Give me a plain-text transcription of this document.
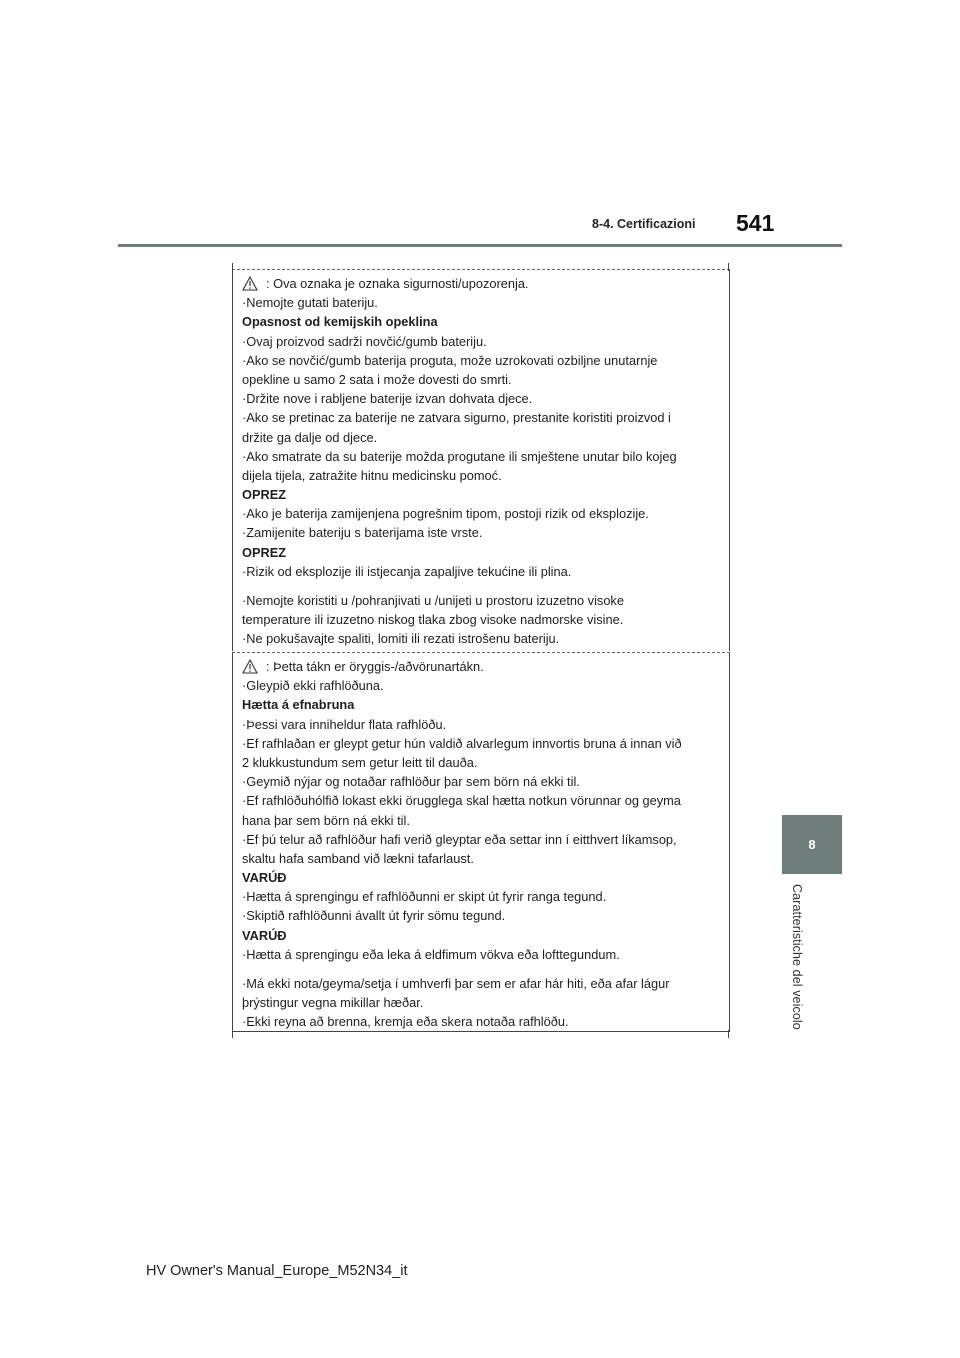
8-4. Certificazioni 541
8
Caratteristiche del veicolo
: Ova oznaka je oznaka sigurnosti/upozorenja.
·Nemojte gutati bateriju.
Opasnost od kemijskih opeklina
·Ovaj proizvod sadrži novčić/gumb bateriju.
·Ako se novčić/gumb baterija proguta, može uzrokovati ozbiljne unutarnje
opekline u samo 2 sata i može dovesti do smrti.
·Držite nove i rabljene baterije izvan dohvata djece.
·Ako se pretinac za baterije ne zatvara sigurno, prestanite koristiti proizvod i
držite ga dalje od djece.
·Ako smatrate da su baterije možda progutane ili smještene unutar bilo kojeg
dijela tijela, zatražite hitnu medicinsku pomoć.
OPREZ
·Ako je baterija zamijenjena pogrešnim tipom, postoji rizik od eksplozije.
·Zamijenite bateriju s baterijama iste vrste.
OPREZ
·Rizik od eksplozije ili istjecanja zapaljive tekućine ili plina.
·Nemojte koristiti u /pohranjivati u /unijeti u prostoru izuzetno visoke
temperature ili izuzetno niskog tlaka zbog visoke nadmorske visine.
·Ne pokušavajte spaliti, lomiti ili rezati istrošenu bateriju.
: Þetta tákn er öryggis-/aðvörunartákn.
·Gleypið ekki rafhlöðuna.
Hætta á efnabruna
·Þessi vara inniheldur flata rafhlöðu.
·Ef rafhlaðan er gleypt getur hún valdið alvarlegum innvortis bruna á innan við
2 klukkustundum sem getur leitt til dauða.
·Geymið nýjar og notaðar rafhlöður þar sem börn ná ekki til.
·Ef rafhlöðuhólfið lokast ekki örugglega skal hætta notkun vörunnar og geyma
hana þar sem börn ná ekki til.
·Ef þú telur að rafhlöður hafi verið gleyptar eða settar inn í eitthvert líkamsop,
skaltu hafa samband við lækni tafarlaust.
VARÚÐ
·Hætta á sprengingu ef rafhlöðunni er skipt út fyrir ranga tegund.
·Skiptið rafhlöðunni ávallt út fyrir sömu tegund.
VARÚÐ
·Hætta á sprengingu eða leka á eldfimum vökva eða lofttegundum.
·Má ekki nota/geyma/setja í umhverfi þar sem er afar hár hiti, eða afar lágur
þrýstingur vegna mikillar hæðar.
·Ekki reyna að brenna, kremja eða skera notaða rafhlöðu.
HV Owner's Manual_Europe_M52N34_it
